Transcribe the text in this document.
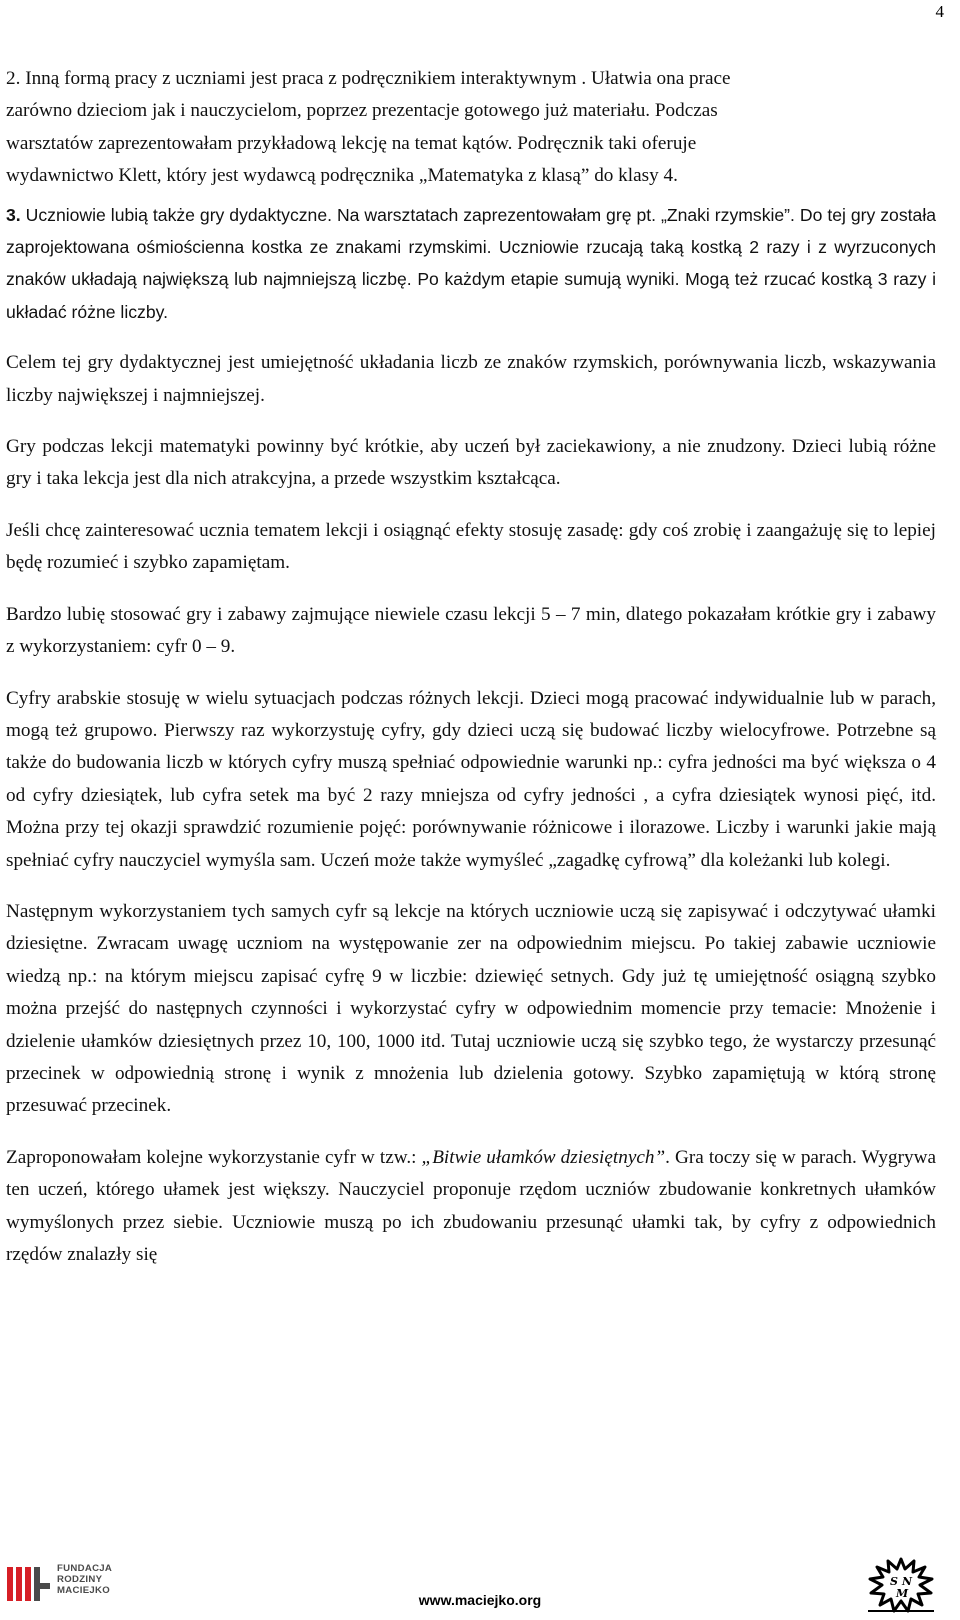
4

2. Inną formą pracy z uczniami jest praca z podręcznikiem interaktywnym . Ułatwia ona prace
zarówno dzieciom jak i nauczycielom, poprzez prezentacje gotowego już materiału. Podczas
warsztatów zaprezentowałam przykładową lekcję na temat kątów. Podręcznik taki oferuje
wydawnictwo Klett, który jest wydawcą podręcznika „Matematyka z klasą” do klasy 4.

3. Uczniowie lubią także gry dydaktyczne. Na warsztatach zaprezentowałam grę pt. „Znaki rzymskie”. Do tej gry została zaprojektowana ośmiościenna kostka ze znakami rzymskimi. Uczniowie rzucają taką kostką 2 razy i z wyrzuconych znaków układają największą lub najmniejszą liczbę. Po każdym etapie sumują wyniki. Mogą też rzucać kostką 3 razy i układać różne liczby.

Celem tej gry dydaktycznej jest umiejętność układania liczb ze znaków rzymskich, porównywania liczb, wskazywania liczby największej i najmniejszej.

Gry podczas lekcji matematyki powinny być krótkie, aby uczeń był zaciekawiony, a nie znudzony. Dzieci lubią różne gry i taka lekcja jest dla nich atrakcyjna, a przede wszystkim kształcąca.

Jeśli chcę zainteresować ucznia tematem lekcji i osiągnąć efekty stosuję zasadę: gdy coś zrobię i zaangażuję się to lepiej będę rozumieć i szybko zapamiętam.

Bardzo lubię stosować gry i zabawy zajmujące niewiele czasu lekcji 5 – 7 min, dlatego pokazałam krótkie gry i zabawy z wykorzystaniem: cyfr 0 – 9.

Cyfry arabskie stosuję w wielu sytuacjach podczas różnych lekcji. Dzieci mogą pracować indywidualnie lub w parach, mogą też grupowo. Pierwszy raz wykorzystuję cyfry, gdy dzieci uczą się budować liczby wielocyfrowe. Potrzebne są także do budowania liczb w których cyfry muszą spełniać odpowiednie warunki np.: cyfra jedności ma być większa o 4 od cyfry dziesiątek, lub cyfra setek ma być 2 razy mniejsza od cyfry jedności , a cyfra dziesiątek wynosi pięć, itd. Można przy tej okazji sprawdzić rozumienie pojęć: porównywanie różnicowe i ilorazowe. Liczby i warunki jakie mają spełniać cyfry nauczyciel wymyśla sam. Uczeń może także wymyśleć „zagadkę cyfrową” dla koleżanki lub kolegi.

Następnym wykorzystaniem tych samych cyfr są lekcje na których uczniowie uczą się zapisywać i odczytywać ułamki dziesiętne. Zwracam uwagę uczniom na występowanie zer na odpowiednim miejscu. Po takiej zabawie uczniowie wiedzą np.: na którym miejscu zapisać cyfrę 9 w liczbie: dziewięć setnych. Gdy już tę umiejętność osiągną szybko można przejść do następnych czynności i wykorzystać cyfry w odpowiednim momencie przy temacie: Mnożenie i dzielenie ułamków dziesiętnych przez 10, 100, 1000 itd. Tutaj uczniowie uczą się szybko tego, że wystarczy przesunąć przecinek w odpowiednią stronę i wynik z mnożenia lub dzielenia gotowy. Szybko zapamiętują w którą stronę przesuwać przecinek.

Zaproponowałam kolejne wykorzystanie cyfr w tzw.: „Bitwie ułamków dziesiętnych”. Gra toczy się w parach. Wygrywa ten uczeń, którego ułamek jest większy. Nauczyciel proponuje rzędom uczniów zbudowanie konkretnych ułamków wymyślonych przez siebie. Uczniowie muszą po ich zbudowaniu przesunąć ułamki tak, by cyfry z odpowiednich rzędów znalazły się

FUNDACJA
RODZINY
MACIEJKO
www.maciejko.org
S N
M
